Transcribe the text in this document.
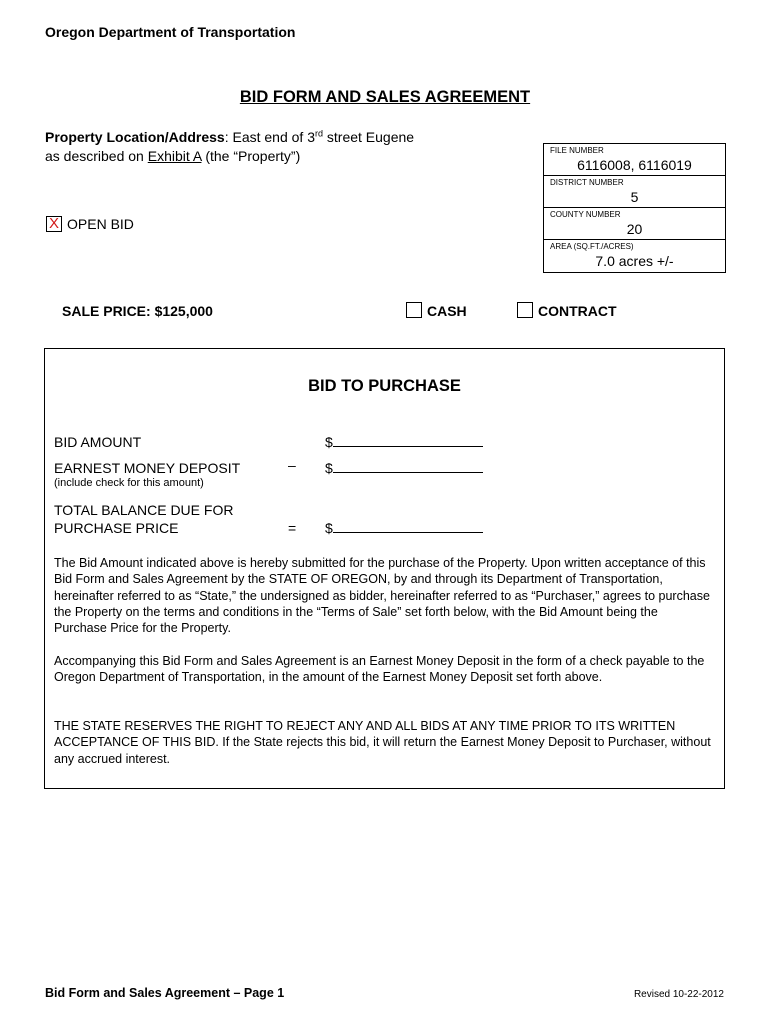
Oregon Department of Transportation
BID FORM AND SALES AGREEMENT
Property Location/Address: East end of 3rd street Eugene
as described on Exhibit A (the “Property”)	FILE NUMBER
6116008, 6116019
DISTRICT NUMBER
5
COUNTY NUMBER
20
AREA (SQ.FT./ACRES)
7.0 acres +/-
X OPEN BID
SALE PRICE: $125,000	CASH	CONTRACT
BID TO PURCHASE
BID AMOUNT	$
EARNEST MONEY DEPOSIT	– $
(include check for this amount)
TOTAL BALANCE DUE FOR
PURCHASE PRICE	= $
The Bid Amount indicated above is hereby submitted for the purchase of the Property. Upon written acceptance of this Bid Form and Sales Agreement by the STATE OF OREGON, by and through its Department of Transportation, hereinafter referred to as “State,” the undersigned as bidder, hereinafter referred to as “Purchaser,” agrees to purchase the Property on the terms and conditions in the “Terms of Sale” set forth below, with the Bid Amount being the Purchase Price for the Property.
Accompanying this Bid Form and Sales Agreement is an Earnest Money Deposit in the form of a check payable to the Oregon Department of Transportation, in the amount of the Earnest Money Deposit set forth above.
THE STATE RESERVES THE RIGHT TO REJECT ANY AND ALL BIDS AT ANY TIME PRIOR TO ITS WRITTEN ACCEPTANCE OF THIS BID. If the State rejects this bid, it will return the Earnest Money Deposit to Purchaser, without any accrued interest.
Bid Form and Sales Agreement – Page 1	Revised 10-22-2012
